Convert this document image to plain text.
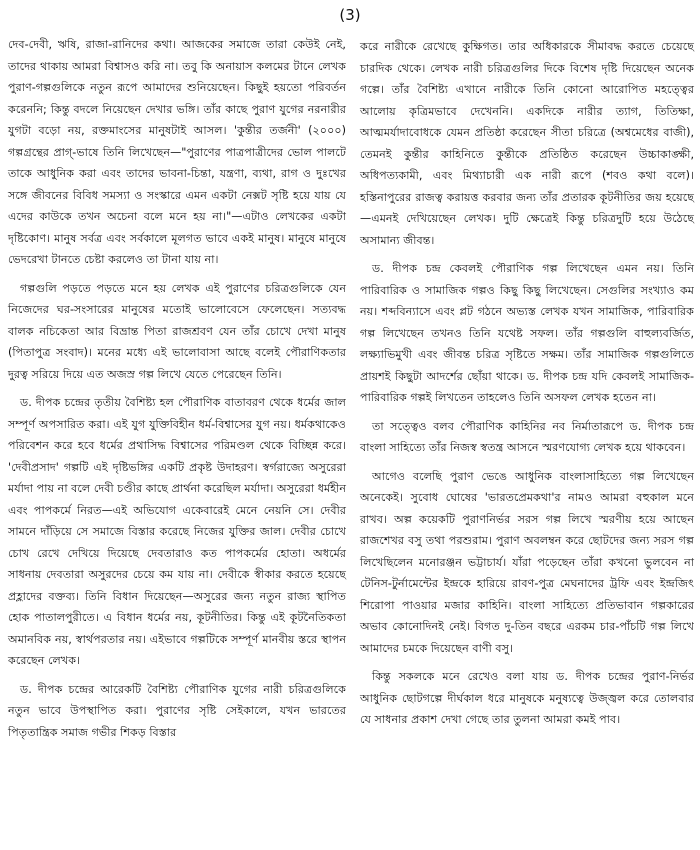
(3)

দেব-দেবী, ঋষি, রাজা-রানিদের কথা। আজকের সমাজে তারা কেউই নেই, তাদের থাকায় আমরা বিশ্বাসও করি না। তবু কি অনায়াস কলমের টানে লেখক পুরাণ-গল্পগুলিকে নতুন রূপে আমাদের শুনিয়েছেন। কিছুই হয়তো পরিবর্তন করেননি; কিন্তু বদলে নিয়েছেন দেখার ভঙ্গি। তাঁর কাছে পুরাণ যুগের নরনারীর যুগটা বড়ো নয়, রক্তমাংসের মানুষটাই আসল। 'কুন্তীর তর্জনী' (২০০০) গল্পগ্রন্থের প্রাগ্‌-ভাষে তিনি লিখেছেন—"পুরাণের পাত্রপাত্রীদের ভোল পালটে তাকে আধুনিক করা এবং তাদের ভাবনা-চিন্তা, যন্ত্রণা, ব্যথা, রাগ ও দুঃখের সঙ্গে জীবনের বিবিধ সমস্যা ও সংস্কারে এমন একটা নেক্সট সৃষ্টি হয়ে যায় যে এদের কাউকে তখন অচেনা বলে মনে হয় না।"—এটাও লেখকের একটা দৃষ্টিকোণ। মানুষ সর্বত্র এবং সর্বকালে মূলগত ভাবে একই মানুষ। মানুষে মানুষে ভেদরেখা টানতে চেষ্টা করলেও তা টানা যায় না।

গল্পগুলি পড়তে পড়তে মনে হয় লেখক এই পুরাণের চরিত্রগুলিকে যেন নিজেদের ঘর-সংসারের মানুষের মতোই ভালোবেসে ফেলেছেন। সত্যবদ্ধ বালক নচিকেতা আর বিভ্রান্ত পিতা রাজশ্রবণ যেন তাঁর চোখে দেখা মানুষ (পিতাপুত্র সংবাদ)। মনের মধ্যে এই ভালোবাসা আছে বলেই পৌরাণিকতার দুরত্ব সরিয়ে দিয়ে এত অজস্র গল্প লিখে যেতে পেরেছেন তিনি।

ড. দীপক চন্দ্রের তৃতীয় বৈশিষ্ট্য হল পৌরাণিক বাতাবরণ থেকে ধর্মের জাল সম্পূর্ণ অপসারিত করা। এই যুগ যুক্তিবিহীন ধর্ম-বিশ্বাসের যুগ নয়। ধর্মকথাকেও পরিবেশন করে হবে ধর্মের প্রথাসিদ্ধ বিশ্বাসের পরিমণ্ডল থেকে বিচ্ছিন্ন করে। 'দেবীপ্রসাদ' গল্পটি এই দৃষ্টিভঙ্গির একটি প্রকৃষ্ট উদাহরণ। স্বর্গরাজ্যে অসুরেরা মর্যাদা পায় না বলে দেবী চণ্ডীর কাছে প্রার্থনা করেছিল মর্যাদা। অসুরেরা ধর্মহীন এবং পাপকর্মে নিরত—এই অভিযোগ একেবারেই মেনে নেয়নি সে। দেবীর সামনে দাঁড়িয়ে সে সমাজে বিস্তার করেছে নিজের যুক্তির জাল। দেবীর চোখে চোখ রেখে দেখিয়ে দিয়েছে দেবতারাও কত পাপকর্মের হোতা। অধর্মের সাধনায় দেবতারা অসুরদের চেয়ে কম যায় না। দেবীকে স্বীকার করতে হয়েছে প্রহ্লাদের বক্তব্য। তিনি বিধান দিয়েছেন—অসুরের জন্য নতুন রাজ্য স্থাপিত হোক পাতালপুরীতে। এ বিধান ধর্মের নয়, কূটনীতির। কিন্তু এই কূটনৈতিকতা অমানবিক নয়, স্বার্থপরতার নয়। এইভাবে গল্পটিকে সম্পূর্ণ মানবীয় স্তরে স্থাপন করেছেন লেখক।

ড. দীপক চন্দ্রের আরেকটি বৈশিষ্ট্য পৌরাণিক যুগের নারী চরিত্রগুলিকে নতুন ভাবে উপস্থাপিত করা। পুরাণের সৃষ্টি সেইকালে, যখন ভারতের পিতৃতান্ত্রিক সমাজ গভীর শিকড় বিস্তার

করে নারীকে রেখেছে কুক্ষিগত। তার অধিকারকে সীমাবদ্ধ করতে চেয়েছে চারদিক থেকে। লেখক নারী চরিত্রগুলির দিকে বিশেষ দৃষ্টি দিয়েছেন অনেক গল্পে। তাঁর বৈশিষ্ট্য এখানে নারীকে তিনি কোনো আরোপিত মহত্ত্বের আলোয় কৃত্রিমভাবে দেখেননি। একদিকে নারীর ত্যাগ, তিতিক্ষা, আত্মমর্যাদাবোধকে যেমন প্রতিষ্ঠা করেছেন সীতা চরিত্রে (অশ্বমেধের বাজী), তেমনই কুন্তীর কাহিনিতে কুন্তীকে প্রতিষ্ঠিত করেছেন উচ্চাকাঙ্ক্ষী, অধিপত্যকামী, এবং মিথ্যাচারী এক নারী রূপে (শবও কথা বলে)। হস্তিনাপুরের রাজত্ব করায়ত্ত করবার জন্য তাঁর প্রতারক কূটনীতির জয় হয়েছে—এমনই দেখিয়েছেন লেখক। দুটি ক্ষেত্রেই কিন্তু চরিত্রদুটি হয়ে উঠেছে অসামান্য জীবন্ত।

ড. দীপক চন্দ্র কেবলই পৌরাণিক গল্প লিখেছেন এমন নয়। তিনি পারিবারিক ও সামাজিক গল্পও কিছু কিছু লিখেছেন। সেগুলির সংখ্যাও কম নয়। শব্দবিন্যাসে এবং প্লট গঠনে অভ্যস্ত লেখক যখন সামাজিক, পারিবারিক গল্প লিখেছেন তখনও তিনি যথেষ্ট সফল। তাঁর গল্পগুলি বাহুল্যবর্জিত, লক্ষ্যাভিমুখী এবং জীবন্ত চরিত্র সৃষ্টিতে সক্ষম। তাঁর সামাজিক গল্পগুলিতে প্রায়শই কিছুটা আদর্শের ছোঁয়া থাকে। ড. দীপক চন্দ্র যদি কেবলই সামাজিক-পারিবারিক গল্পই লিখতেন তাহলেও তিনি অসফল লেখক হতেন না।

তা সত্ত্বেও বলব পৌরাণিক কাহিনির নব নির্মাতারূপে ড. দীপক চন্দ্র বাংলা সাহিত্যে তাঁর নিজস্ব স্বতন্ত্র আসনে স্মরণযোগ্য লেখক হয়ে থাকবেন।

আগেও বলেছি পুরাণ ভেঙে আধুনিক বাংলাসাহিত্যে গল্প লিখেছেন অনেকেই। সুবোধ ঘোষের 'ভারতপ্রেমকথা'র নামও আমরা বহুকাল মনে রাখব। অল্প কয়েকটি পুরাণনির্ভর সরস গল্প লিখে স্মরণীয় হয়ে আছেন রাজশেখর বসু তথা পরশুরাম। পুরাণ অবলম্বন করে ছোটদের জন্য সরস গল্প লিখেছিলেন মনোরঞ্জন ভট্টাচার্য। যাঁরা পড়েছেন তাঁরা কখনো ভুলবেন না টেনিস-টুর্নামেন্টের ইন্দ্রকে হারিয়ে রাবণ-পুত্র মেঘনাদের ট্রফি এবং ইন্দ্রজিৎ শিরোপা পাওয়ার মজার কাহিনি। বাংলা সাহিত্যে প্রতিভাবান গল্পকারের অভাব কোনোদিনই নেই। বিগত দু-তিন বছরে এরকম চার-পাঁচটি গল্প লিখে আমাদের চমকে দিয়েছেন বাণী বসু।

কিন্তু সকলকে মনে রেখেও বলা যায় ড. দীপক চন্দ্রের পুরাণ-নির্ভর আধুনিক ছোটগল্পে দীর্ঘকাল ধরে মানুষকে মনুষ্যত্বে উজ্জ্বল করে তোলবার যে সাধনার প্রকাশ দেখা গেছে তার তুলনা আমরা কমই পাব।
